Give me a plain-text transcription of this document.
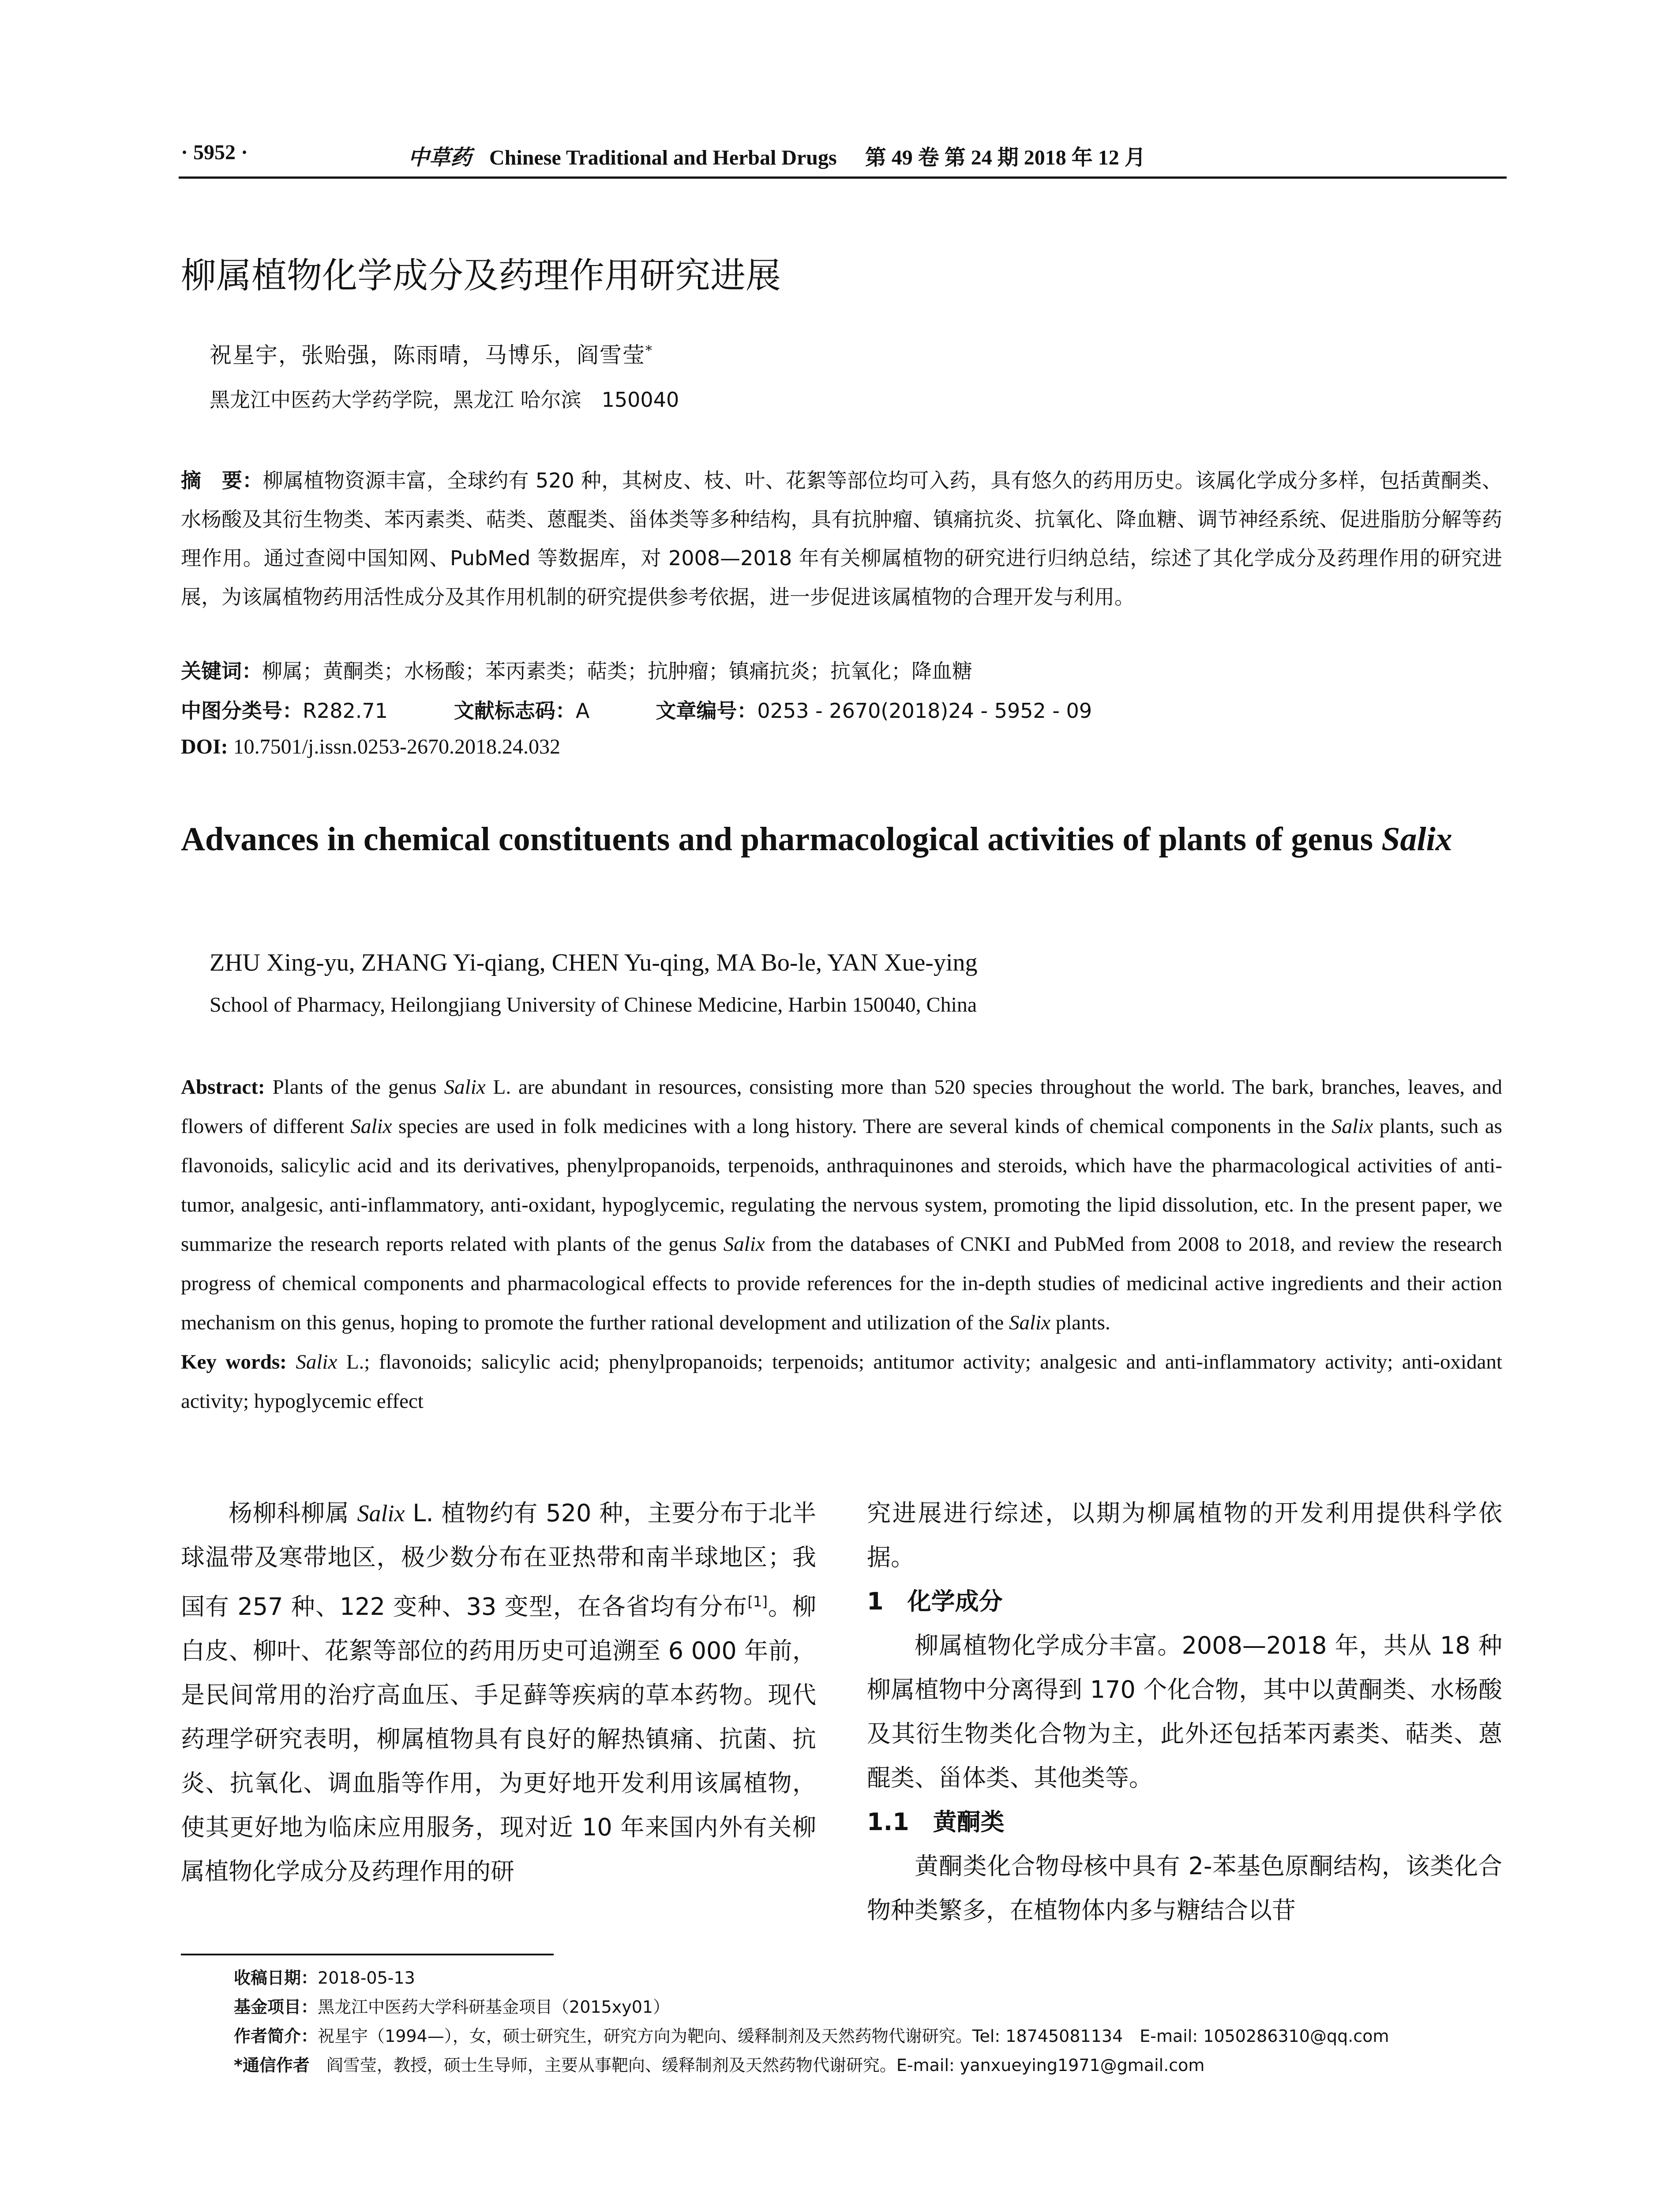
· 5952 ·	中草药 Chinese Traditional and Herbal Drugs 第 49 卷 第 24 期 2018 年 12 月
柳属植物化学成分及药理作用研究进展
祝星宇，张贻强，陈雨晴，马博乐，阎雪莹*
黑龙江中医药大学药学院，黑龙江 哈尔滨　150040
摘　要：柳属植物资源丰富，全球约有 520 种，其树皮、枝、叶、花絮等部位均可入药，具有悠久的药用历史。该属化学成分多样，包括黄酮类、水杨酸及其衍生物类、苯丙素类、萜类、蒽醌类、甾体类等多种结构，具有抗肿瘤、镇痛抗炎、抗氧化、降血糖、调节神经系统、促进脂肪分解等药理作用。通过查阅中国知网、PubMed 等数据库，对 2008—2018 年有关柳属植物的研究进行归纳总结，综述了其化学成分及药理作用的研究进展，为该属植物药用活性成分及其作用机制的研究提供参考依据，进一步促进该属植物的合理开发与利用。
关键词：柳属；黄酮类；水杨酸；苯丙素类；萜类；抗肿瘤；镇痛抗炎；抗氧化；降血糖
中图分类号：R282.71	文献标志码：A	文章编号：0253 - 2670(2018)24 - 5952 - 09
DOI: 10.7501/j.issn.0253-2670.2018.24.032
Advances in chemical constituents and pharmacological activities of plants of genus Salix
ZHU Xing-yu, ZHANG Yi-qiang, CHEN Yu-qing, MA Bo-le, YAN Xue-ying
School of Pharmacy, Heilongjiang University of Chinese Medicine, Harbin 150040, China
Abstract: Plants of the genus Salix L. are abundant in resources, consisting more than 520 species throughout the world. The bark, branches, leaves, and flowers of different Salix species are used in folk medicines with a long history. There are several kinds of chemical components in the Salix plants, such as flavonoids, salicylic acid and its derivatives, phenylpropanoids, terpenoids, anthraquinones and steroids, which have the pharmacological activities of anti-tumor, analgesic, anti-inflammatory, anti-oxidant, hypoglycemic, regulating the nervous system, promoting the lipid dissolution, etc. In the present paper, we summarize the research reports related with plants of the genus Salix from the databases of CNKI and PubMed from 2008 to 2018, and review the research progress of chemical components and pharmacological effects to provide references for the in-depth studies of medicinal active ingredients and their action mechanism on this genus, hoping to promote the further rational development and utilization of the Salix plants.
Key words: Salix L.; flavonoids; salicylic acid; phenylpropanoids; terpenoids; antitumor activity; analgesic and anti-inflammatory activity; anti-oxidant activity; hypoglycemic effect

杨柳科柳属 Salix L. 植物约有 520 种，主要分布于北半球温带及寒带地区，极少数分布在亚热带和南半球地区；我国有 257 种、122 变种、33 变型，在各省均有分布[1]。柳白皮、柳叶、花絮等部位的药用历史可追溯至 6 000 年前，是民间常用的治疗高血压、手足藓等疾病的草本药物。现代药理学研究表明，柳属植物具有良好的解热镇痛、抗菌、抗炎、抗氧化、调血脂等作用，为更好地开发利用该属植物，使其更好地为临床应用服务，现对近 10 年来国内外有关柳属植物化学成分及药理作用的研

究进展进行综述，以期为柳属植物的开发利用提供科学依据。

1　化学成分

柳属植物化学成分丰富。2008—2018 年，共从 18 种柳属植物中分离得到 170 个化合物，其中以黄酮类、水杨酸及其衍生物类化合物为主，此外还包括苯丙素类、萜类、蒽醌类、甾体类、其他类等。

1.1　黄酮类

黄酮类化合物母核中具有 2-苯基色原酮结构，该类化合物种类繁多，在植物体内多与糖结合以苷

收稿日期：2018-05-13
基金项目：黑龙江中医药大学科研基金项目（2015xy01）
作者简介：祝星宇（1994—），女，硕士研究生，研究方向为靶向、缓释制剂及天然药物代谢研究。Tel: 18745081134　E-mail: 1050286310@qq.com
*通信作者　阎雪莹，教授，硕士生导师，主要从事靶向、缓释制剂及天然药物代谢研究。E-mail: yanxueying1971@gmail.com
